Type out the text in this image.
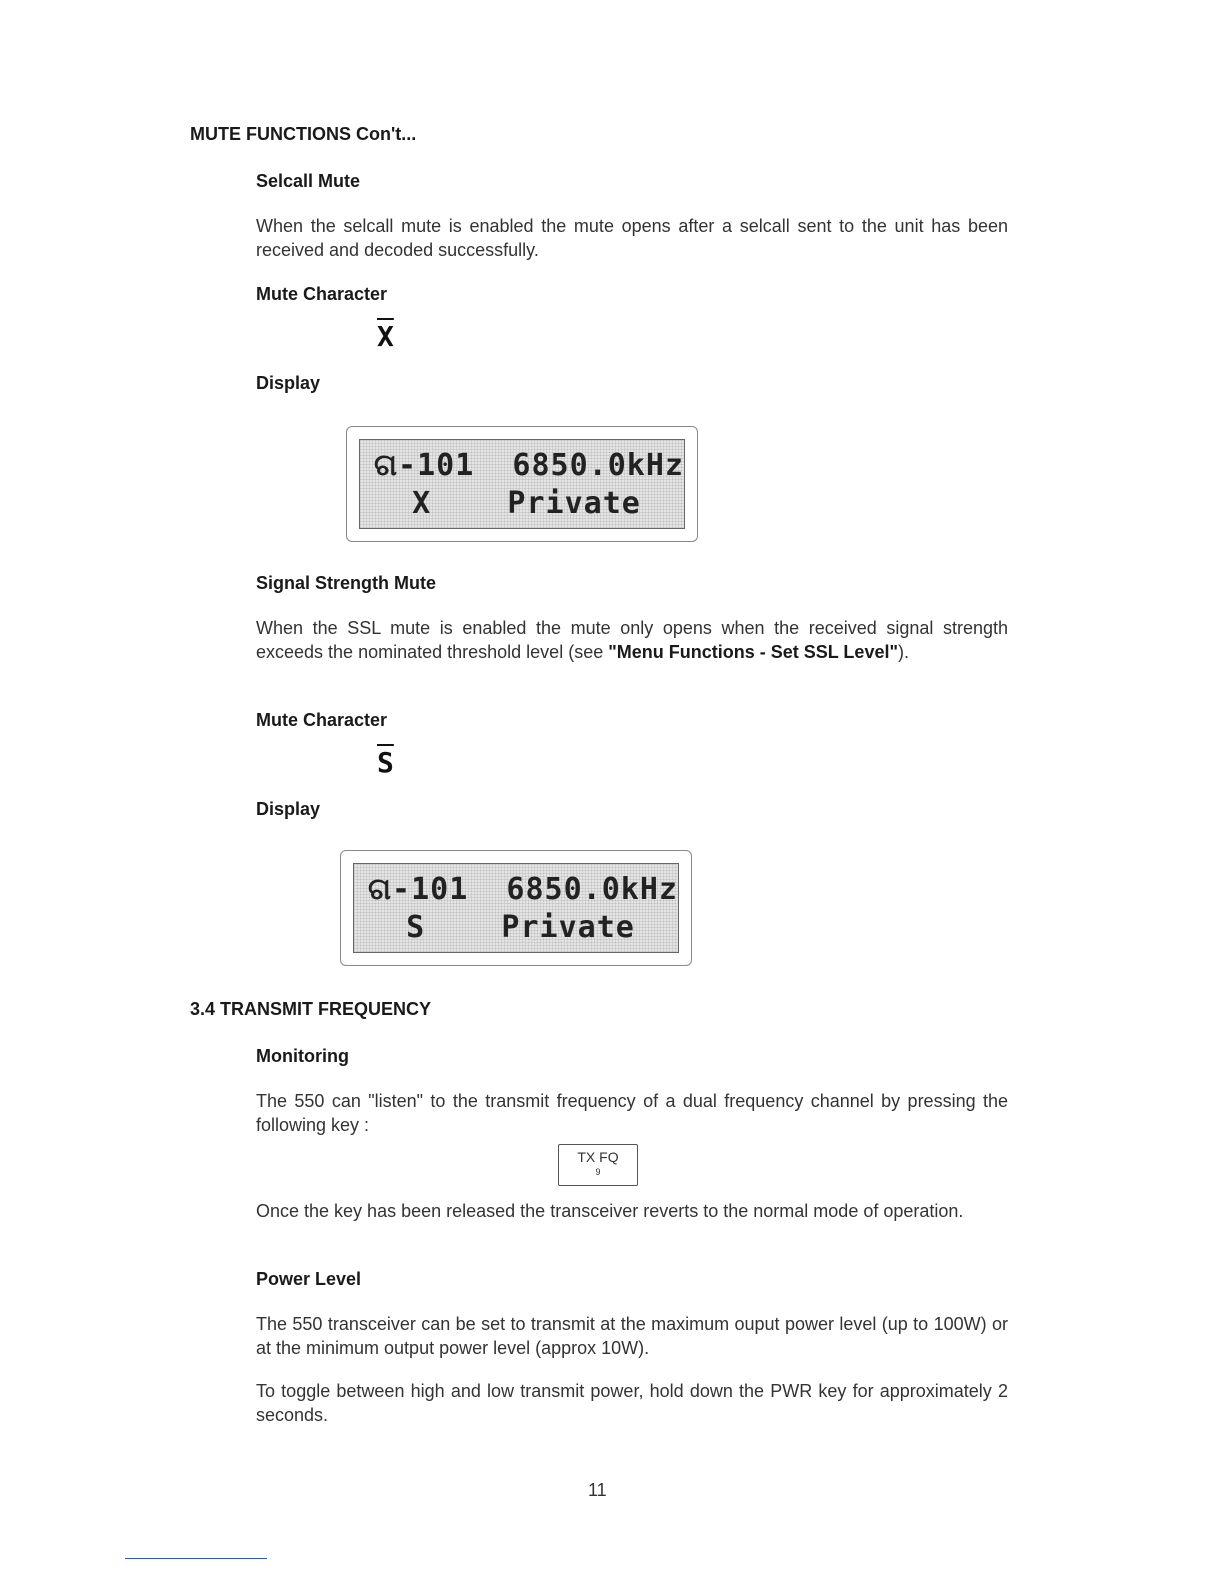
MUTE FUNCTIONS Con't...
Selcall Mute
When the selcall mute is enabled the mute opens after a selcall sent to the unit has been received and decoded successfully.
Mute Character
$\overline{X}$
Display
ଗ-101  6850.0kHz
X    Private
Signal Strength Mute
When the SSL mute is enabled the mute only opens when the received signal strength exceeds the nominated threshold level (see "Menu Functions - Set SSL Level").
Mute Character
$\overline{S}$
Display
ଗ-101  6850.0kHz
S    Private
3.4 TRANSMIT FREQUENCY
Monitoring
The 550 can "listen" to the transmit frequency of a dual frequency channel by pressing the following key :
TX FQ
9
Once the key has been released the transceiver reverts to the normal mode of operation.
Power Level
The 550 transceiver can be set to transmit at the maximum ouput power level (up to 100W) or at the minimum output power level (approx 10W).
To toggle between high and low transmit power, hold down the PWR key for approximately 2 seconds.
11
